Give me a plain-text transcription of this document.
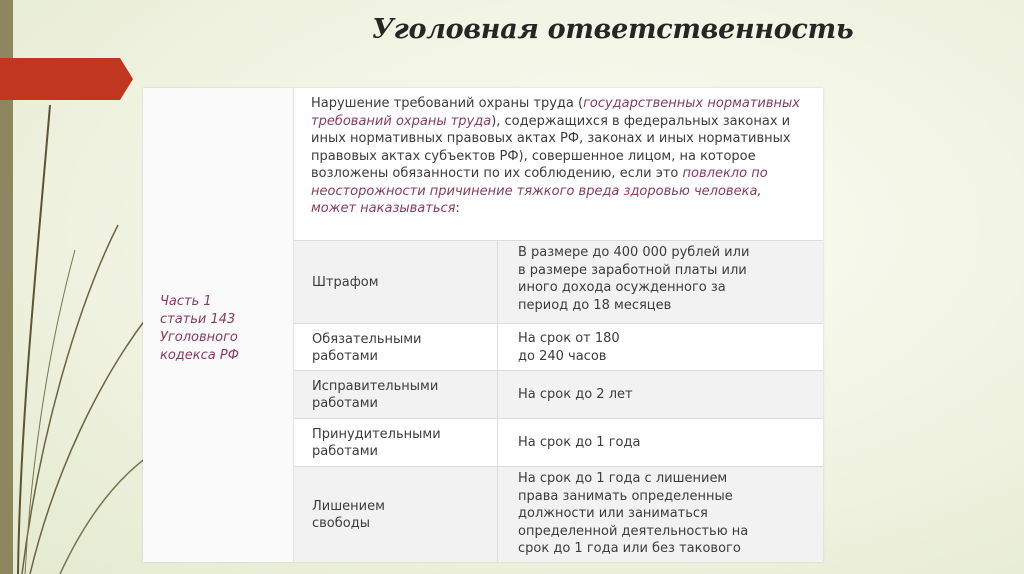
Уголовная ответственность
Часть 1
статьи 143
Уголовного
кодекса РФ
Нарушение требований охраны труда (государственных нормативных требований охраны труда), содержащихся в федеральных законах и иных нормативных правовых актах РФ, законах и иных нормативных правовых актах субъектов РФ), совершенное лицом, на которое возложены обязанности по их соблюдению, если это повлекло по неосторожности причинение тяжкого вреда здоровью человека, может наказываться:
Штрафом
В размере до 400 000 рублей или
в размере заработной платы или
иного дохода осужденного за
период до 18 месяцев
Обязательными
работами
На срок от 180
до 240 часов
Исправительными
работами
На срок до 2 лет
Принудительными
работами
На срок до 1 года
Лишением
свободы
На срок до 1 года с лишением
права занимать определенные
должности или заниматься
определенной деятельностью на
срок до 1 года или без такового
